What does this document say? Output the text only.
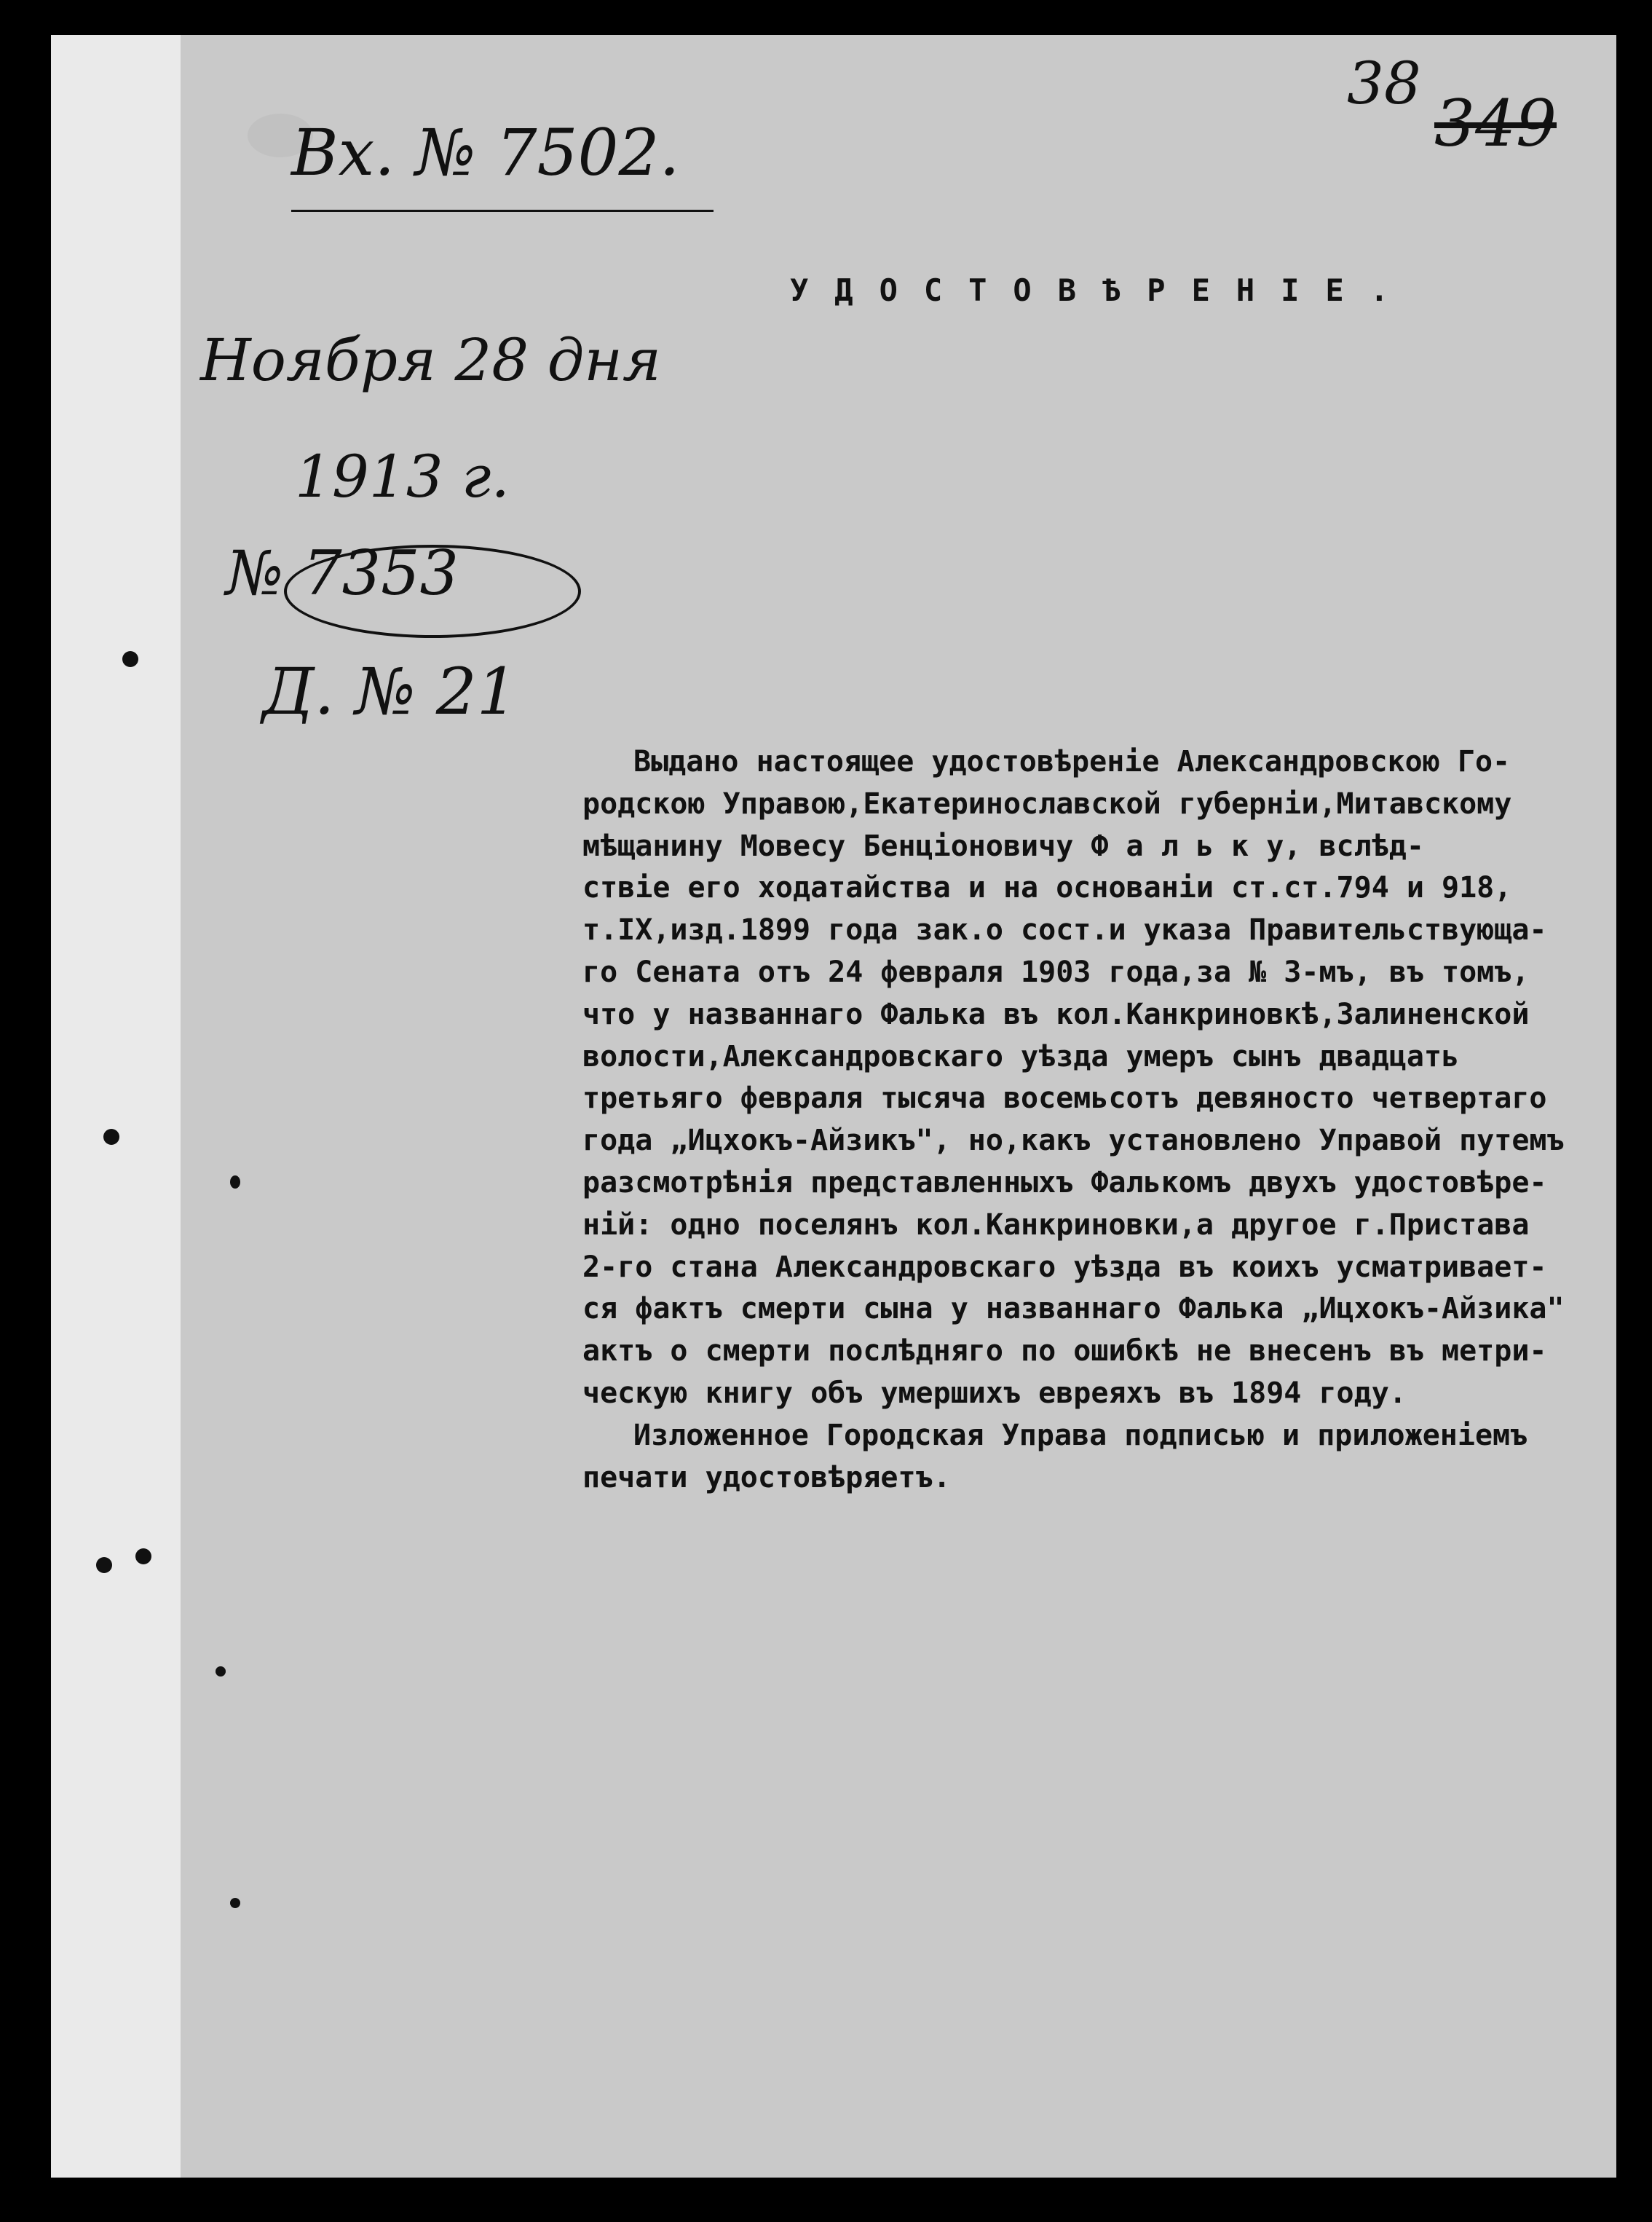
38
349
Вх. № 7502.
Ноября 28 дня
1913 г.
№ 7353
Д. № 21
УДОСТОВѢРЕНІЕ.
Выдано настоящее удостовѣреніе Александровскою Го-
родскою Управою,Екатеринославской губерніи,Митавскому
мѣщанину Мовесу Бенціоновичу Ф а л ь к у, вслѣд-
ствіе его ходатайства и на основаніи ст.ст.794 и 918,
т.IX,изд.1899 года зак.о сост.и указа Правительствующа-
го Сената отъ 24 февраля 1903 года,за № 3-мъ, въ томъ,
что у названнаго Фалька въ кол.Канкриновкѣ,Залиненской
волости,Александровскаго уѣзда умеръ сынъ двадцать
третьяго февраля тысяча восемьсотъ девяносто четвертаго
года „Ицхокъ-Айзикъ", но,какъ установлено Управой путемъ
разсмотрѣнія представленныхъ Фалькомъ двухъ удостовѣре-
ній: одно поселянъ кол.Канкриновки,а другое г.Пристава
2-го стана Александровскаго уѣзда въ коихъ усматривает-
ся фактъ смерти сына у названнаго Фалька „Ицхокъ-Айзика"
актъ о смерти послѣдняго по ошибкѣ не внесенъ въ метри-
ческую книгу объ умершихъ евреяхъ въ 1894 году.
Изложенное Городская Управа подписью и приложеніемъ
печати удостовѣряетъ.
